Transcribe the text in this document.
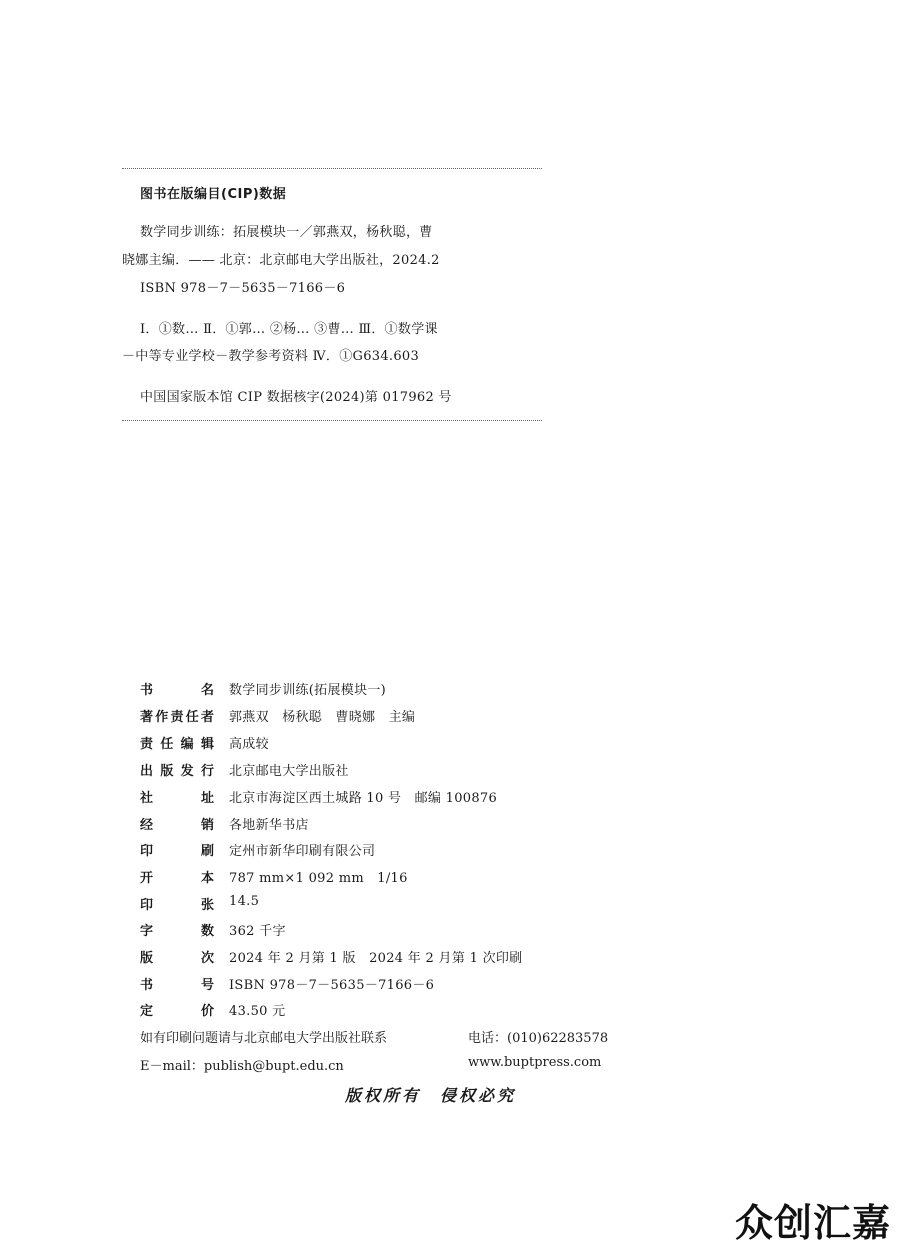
图书在版编目(CIP)数据
数学同步训练：拓展模块一／郭燕双，杨秋聪，曹
晓娜主编．—— 北京：北京邮电大学出版社，2024.2
ISBN 978－7－5635－7166－6
Ⅰ．①数… Ⅱ．①郭… ②杨… ③曹… Ⅲ．①数学课
－中等专业学校－教学参考资料 Ⅳ．①G634.603
中国国家版本馆 CIP 数据核字(2024)第 017962 号
书名 数学同步训练(拓展模块一)
著作责任者 郭燕双　杨秋聪　曹晓娜　主编
责任编辑 高成较
出版发行 北京邮电大学出版社
社址 北京市海淀区西土城路 10 号　邮编 100876
经销 各地新华书店
印刷 定州市新华印刷有限公司
开本 787 mm×1 092 mm　1/16
印张 14.5
字数 362 千字
版次 2024 年 2 月第 1 版　2024 年 2 月第 1 次印刷
书号 ISBN 978－7－5635－7166－6
定价 43.50 元
如有印刷问题请与北京邮电大学出版社联系	电话：(010)62283578
E－mail：publish@bupt.edu.cn	www.buptpress.com
版权所有　侵权必究
众创汇嘉
